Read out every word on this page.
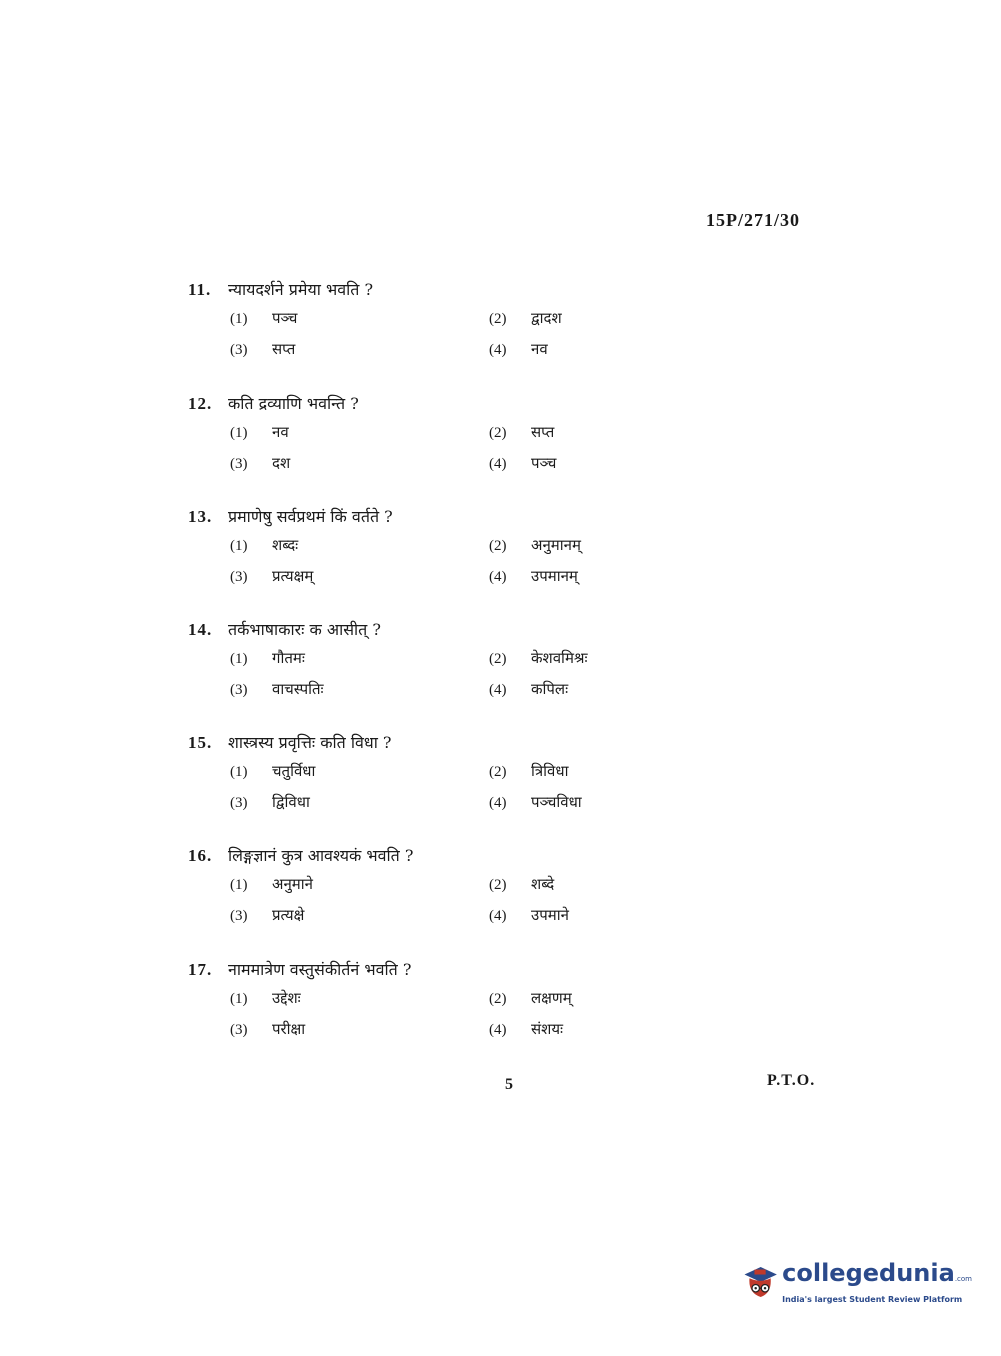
15P/271/30
11.	न्यायदर्शने प्रमेया भवति ?
(1)	पञ्च	(2)	द्वादश
(3)	सप्त	(4)	नव
12. कति द्रव्याणि भवन्ति ?
(1)	नव	(2)	सप्त
(3)	दश	(4)	पञ्च
13. प्रमाणेषु सर्वप्रथमं किं वर्तते ?
(1)	शब्दः	(2)	अनुमानम्
(3)	प्रत्यक्षम्	(4)	उपमानम्
14. तर्कभाषाकारः क आसीत् ?
(1)	गौतमः	(2)	केशवमिश्रः
(3)	वाचस्पतिः	(4)	कपिलः
15. शास्त्रस्य प्रवृत्तिः कति विधा ?
(1)	चतुर्विधा	(2)	त्रिविधा
(3)	द्विविधा	(4)	पञ्चविधा
16. लिङ्गज्ञानं कुत्र आवश्यकं भवति ?
(1)	अनुमाने	(2)	शब्दे
(3)	प्रत्यक्षे	(4)	उपमाने
17. नाममात्रेण वस्तुसंकीर्तनं भवति ?
(1)	उद्देशः	(2)	लक्षणम्
(3)	परीक्षा	(4)	संशयः
5	P.T.O.
collegedunia.com
India's largest Student Review Platform
